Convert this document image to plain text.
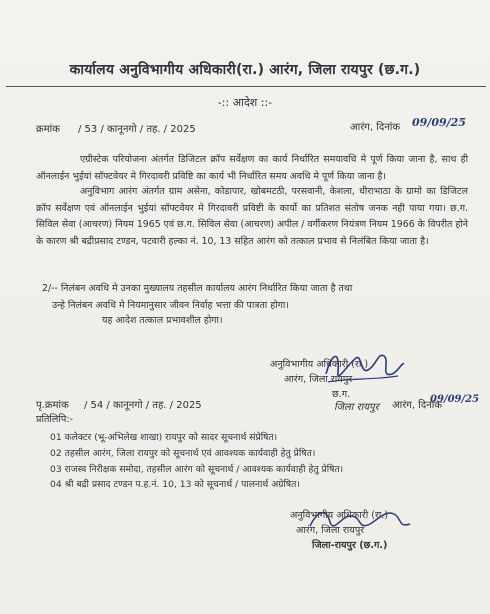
कार्यालय अनुविभागीय अधिकारी(रा.) आरंग, जिला रायपुर (छ.ग.)
-:: आदेश ::-
क्रमांक / 53 / कानूनगो / तह. / 2025	आरंग, दिनांक 09/09/25
एग्रीस्टेक परियोजना अंतर्गत डिजिटल क्रॉप सर्वेक्षण का कार्य निर्धारित समयावधि मे पूर्ण किया जाना है, साथ ही ऑनलाईन भुईयां सॉफ्टवेयर मे गिरदावरी प्रविष्टि का कार्य भी निर्धारित समय अवधि मे पूर्ण किया जाना है।
अनुविभाग आरंग अंतर्गत ग्राम असेना, कोडापार, खोबमटठी, परसवानी, केशला, धीराभाठा के ग्रामो का डिजिटल क्रॉप सर्वेक्षण एवं ऑनलाईन भुईयां सॉफ्टवेयर मे गिरदावरी प्रविष्टी के कार्यो का प्रतिशत संतोष जनक नही पाया गया। छ.ग. सिविल सेवा (आचरण) नियम 1965 एवं छ.ग. सिविल सेवा (आचरण) अपील / वर्गीकरण नियंत्रण नियम 1966 के विपरीत होने के कारण श्री बद्रीप्रसाद टण्डन, पटवारी हल्का नं. 10, 13 सहित आरंग को तत्काल प्रभाव से निलंबित किया जाता है।
2/-- निलंबन अवधि मे उनका मुख्यालय तहसील कार्यालय आरंग निर्धारित किया जाता है तथा
उन्हे निलंबन अवधि मे नियमानुसार जीवन निर्वाह भत्ता की पात्रता होगा।
यह आदेश तत्काल प्रभावशील होगा।
अनुविभागीय अधिकारी (रा.)
आरंग, जिला रायपुर
छ.ग.
पृ.क्रमांक / 54 / कानूनगो / तह. / 2025	जिला रायपुर आरंग, दिनांक
09/09/25
प्रतिलिपि:-
01 कलेक्टर (भू-अभिलेख शाखा) रायपुर को सादर सूचनार्थ संप्रेषित।
02 तहसील आरंग, जिला रायपुर को सूचनार्थ एवं आवश्यक कार्यवाही हेतु प्रेषित।
03 राजस्व निरीक्षक समोदा, तहसील आरंग को सूचनार्थ / आवश्यक कार्यवाही हेतु प्रेषित।
04 श्री बद्री प्रसाद टण्डन प.ह.नं. 10, 13 को सूचनार्थ / पालनार्थ अग्रेषित।
अनुविभागीय अधिकारी (रा.)
आरंग, जिला रायपुर
जिला-रायपुर (छ.ग.)
